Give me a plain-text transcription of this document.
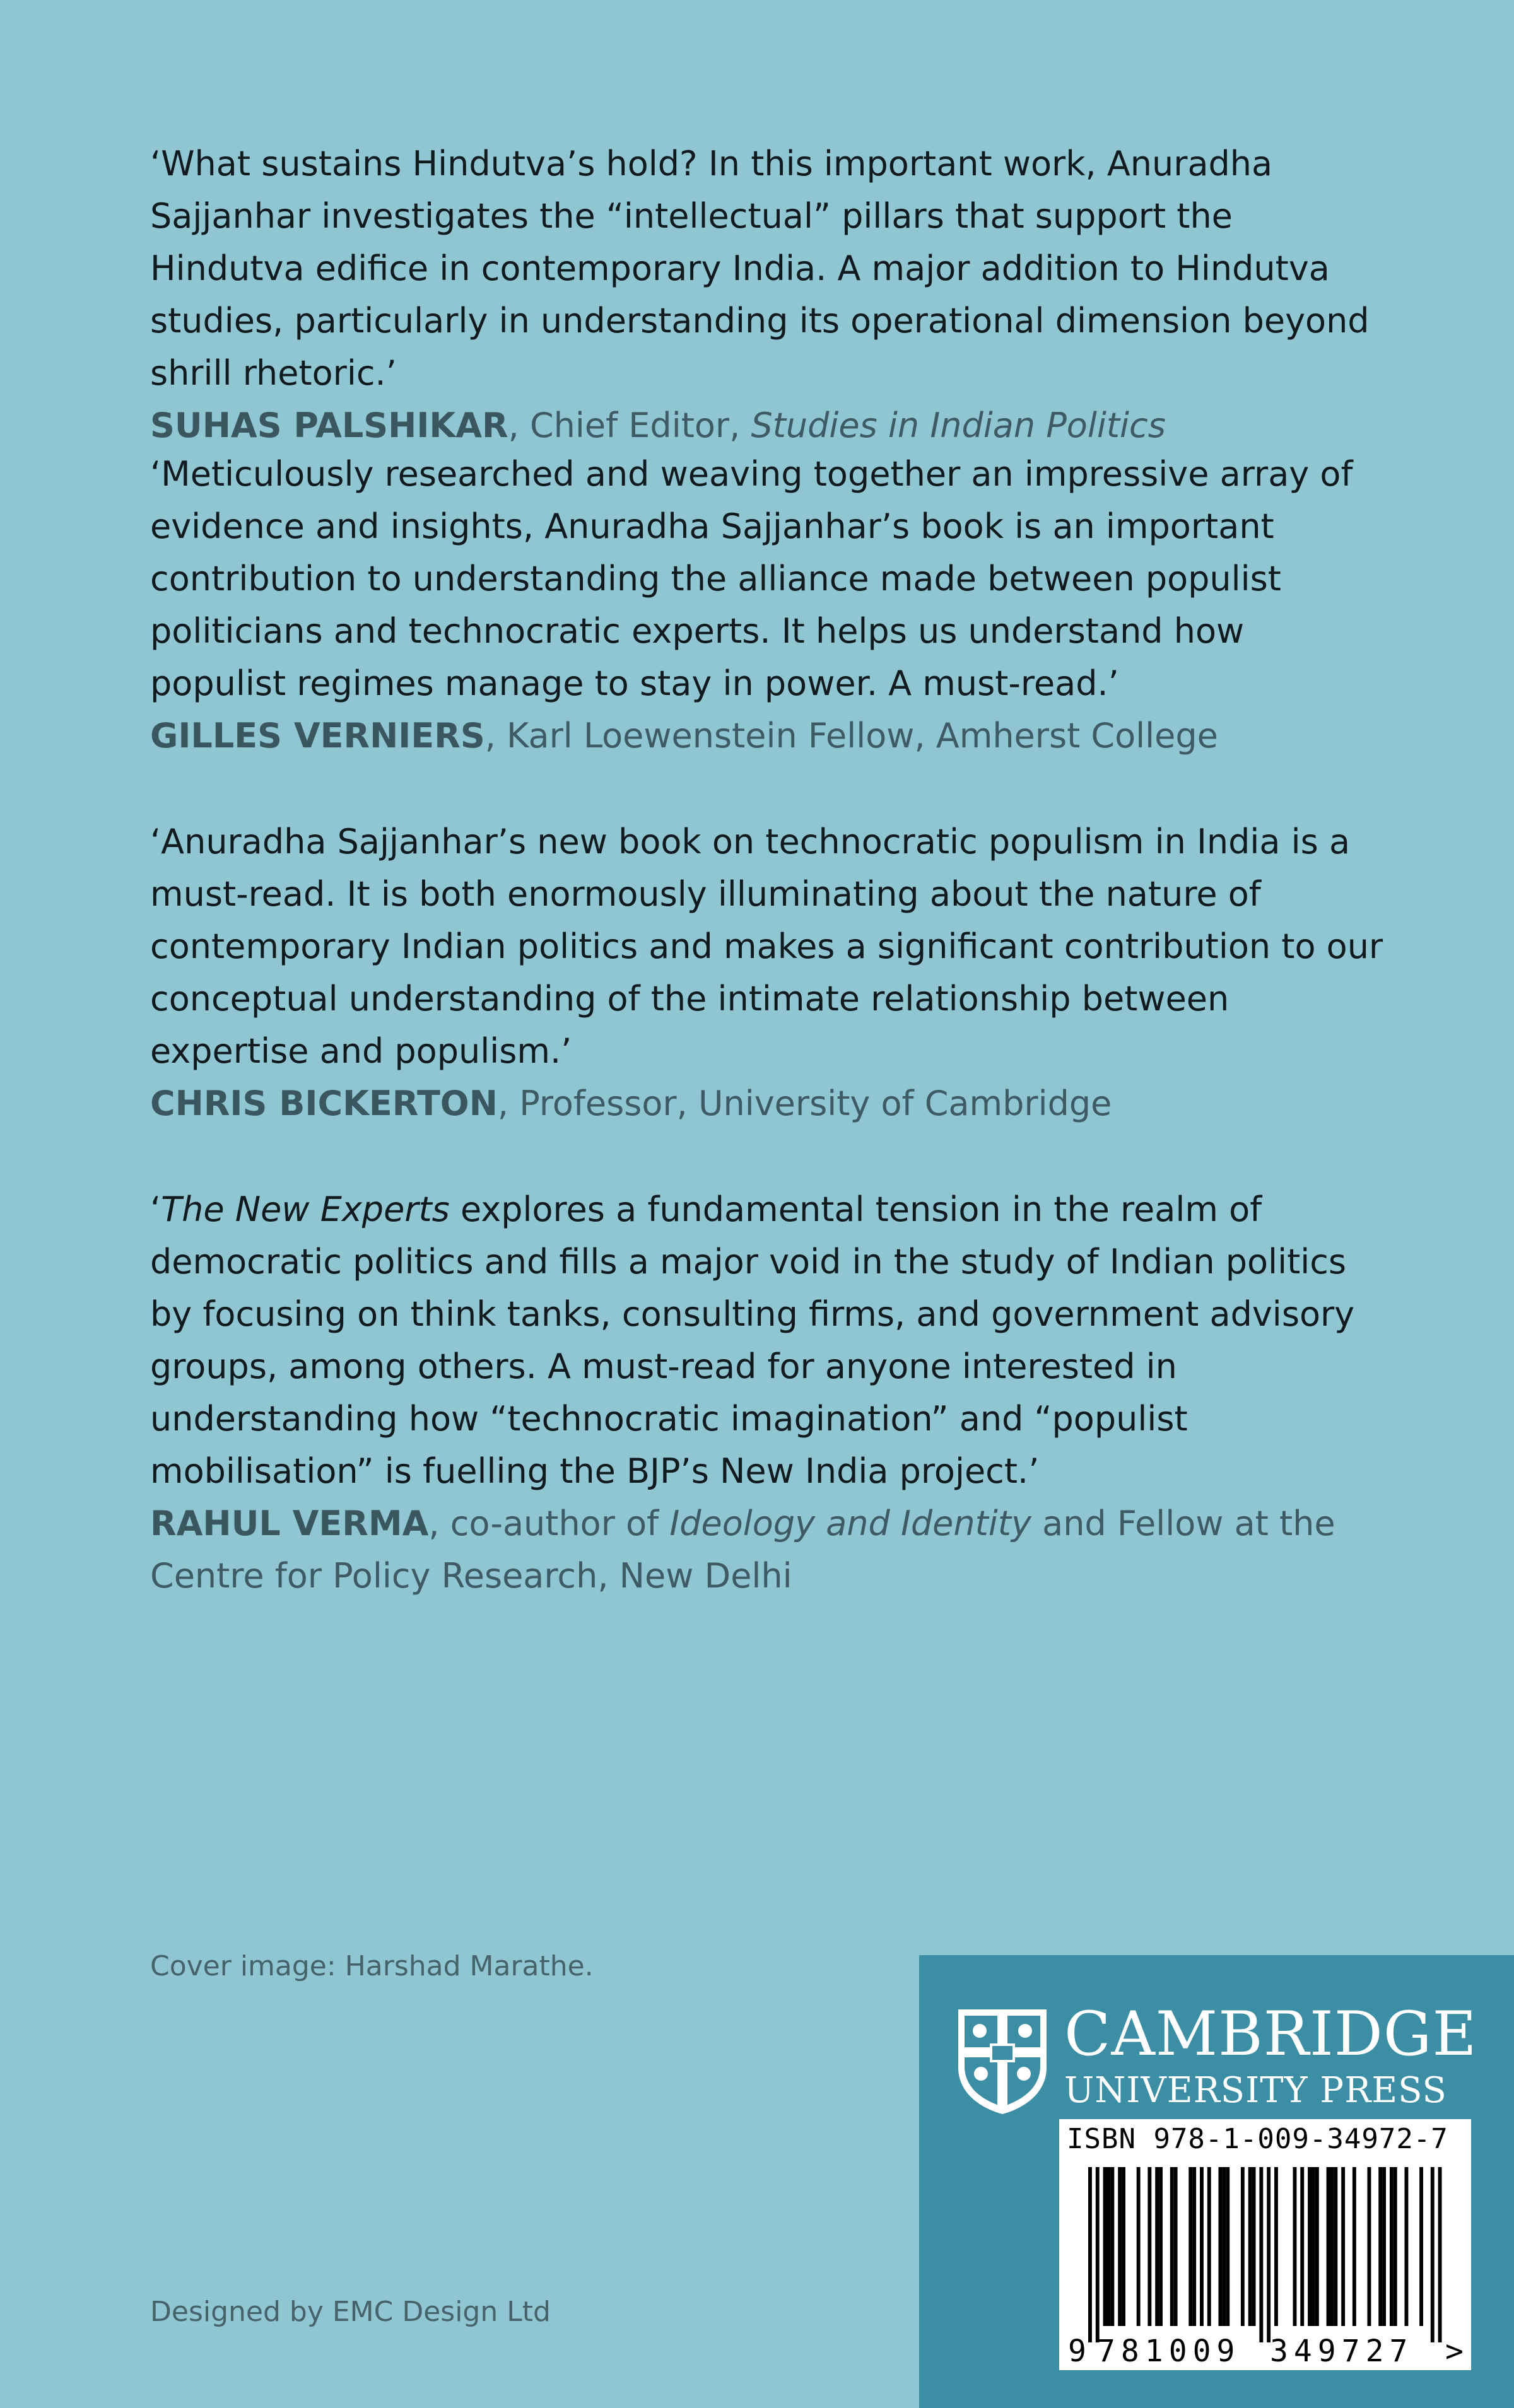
‘What sustains Hindutva’s hold? In this important work, Anuradha Sajjanhar investigates the “intellectual” pillars that support the Hindutva edifice in contemporary India. A major addition to Hindutva studies, particularly in understanding its operational dimension beyond shrill rhetoric.’

SUHAS PALSHIKAR, Chief Editor, Studies in Indian Politics

‘Meticulously researched and weaving together an impressive array of evidence and insights, Anuradha Sajjanhar’s book is an important contribution to understanding the alliance made between populist politicians and technocratic experts. It helps us understand how populist regimes manage to stay in power. A must-read.’

GILLES VERNIERS, Karl Loewenstein Fellow, Amherst College

‘Anuradha Sajjanhar’s new book on technocratic populism in India is a must-read. It is both enormously illuminating about the nature of contemporary Indian politics and makes a significant contribution to our conceptual understanding of the intimate relationship between expertise and populism.’

CHRIS BICKERTON, Professor, University of Cambridge

‘The New Experts explores a fundamental tension in the realm of democratic politics and fills a major void in the study of Indian politics by focusing on think tanks, consulting firms, and government advisory groups, among others. A must-read for anyone interested in understanding how “technocratic imagination” and “populist mobilisation” is fuelling the BJP’s New India project.’

RAHUL VERMA, co-author of Ideology and Identity and Fellow at the Centre for Policy Research, New Delhi

Cover image: Harshad Marathe.

Designed by EMC Design Ltd

CAMBRIDGE
UNIVERSITY PRESS
ISBN 978-1-009-34972-7
9 781009 349727 >
